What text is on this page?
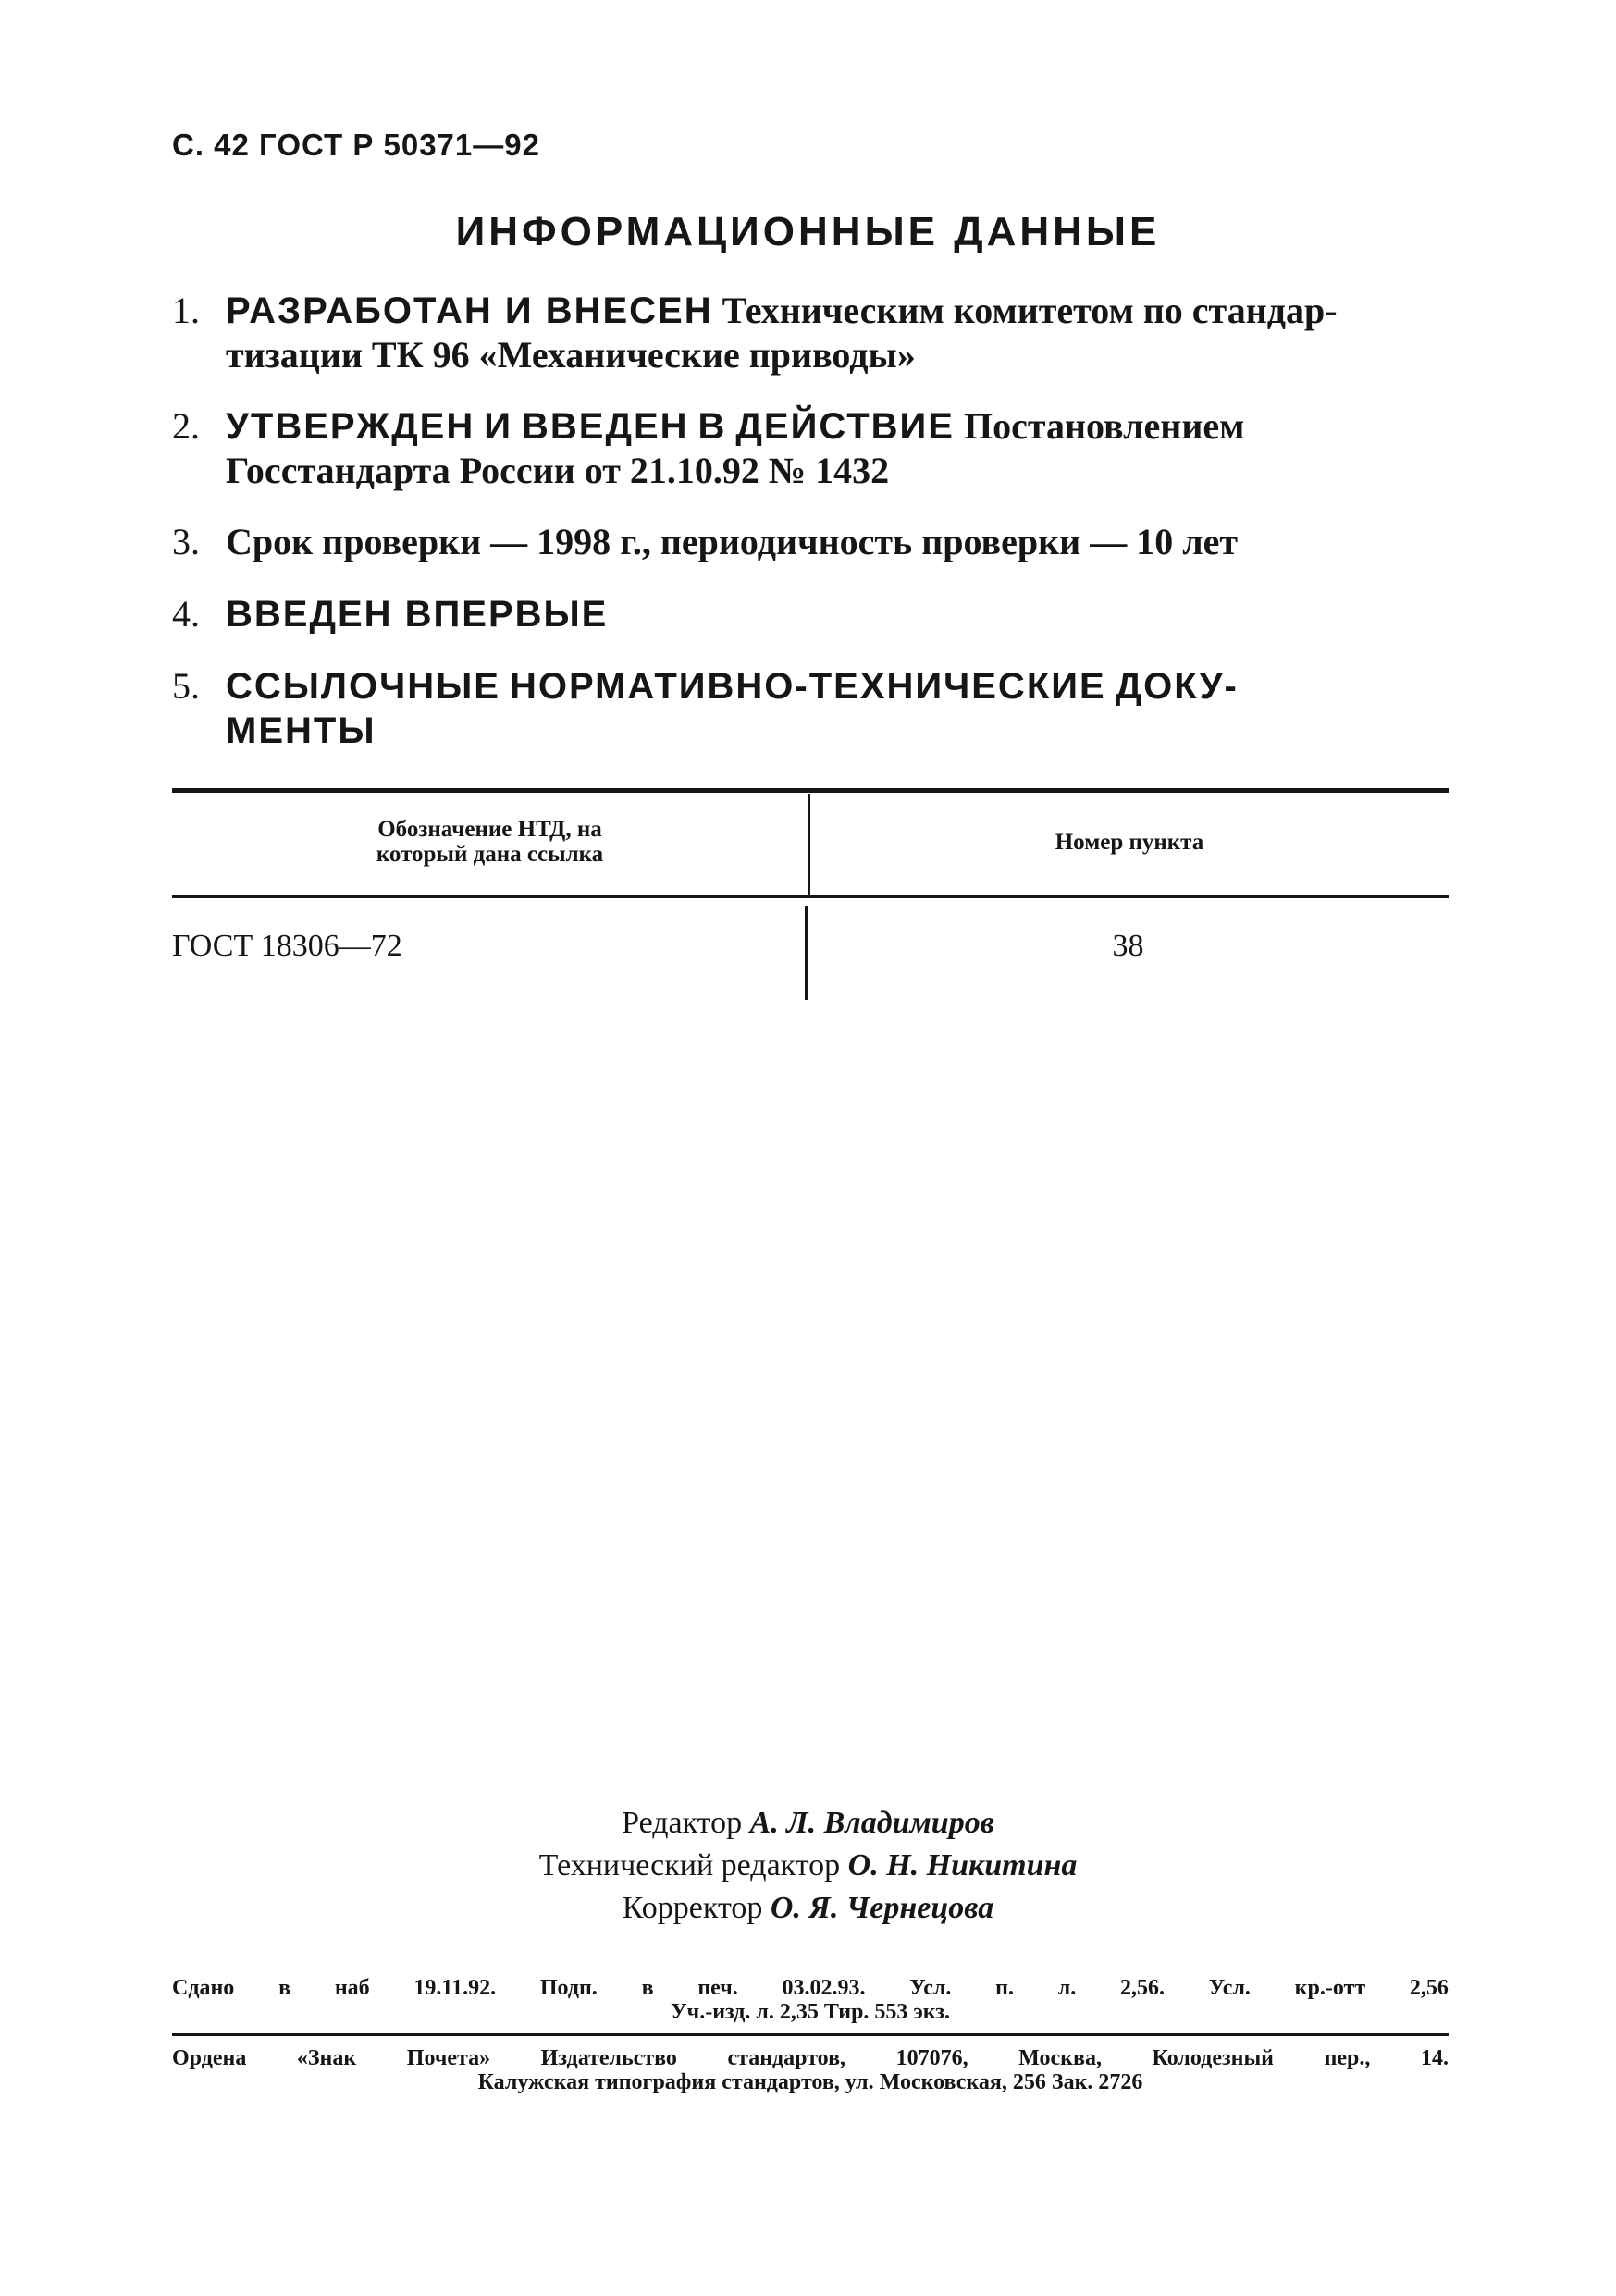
С. 42 ГОСТ Р 50371—92
ИНФОРМАЦИОННЫЕ ДАННЫЕ
1. РАЗРАБОТАН И ВНЕСЕН Техническим комитетом по стандар-
тизации ТК 96 «Механические приводы»
2. УТВЕРЖДЕН И ВВЕДЕН В ДЕЙСТВИЕ Постановлением
Госстандарта России от 21.10.92 № 1432
3. Срок проверки — 1998 г., периодичность проверки — 10 лет
4. ВВЕДЕН ВПЕРВЫЕ
5. ССЫЛОЧНЫЕ НОРМАТИВНО-ТЕХНИЧЕСКИЕ ДОКУ-
МЕНТЫ
Обозначение НТД, на
который дана ссылка	Номер пункта
ГОСТ 18306—72	38
Редактор А. Л. Владимиров
Технический редактор О. Н. Никитина
Корректор О. Я. Чернецова
Сдано в наб 19.11.92. Подп. в печ. 03.02.93. Усл. п. л. 2,56. Усл. кр.-отт 2,56
Уч.-изд. л. 2,35 Тир. 553 экз.
Ордена «Знак Почета» Издательство стандартов, 107076, Москва, Колодезный пер., 14.
Калужская типография стандартов, ул. Московская, 256 Зак. 2726
